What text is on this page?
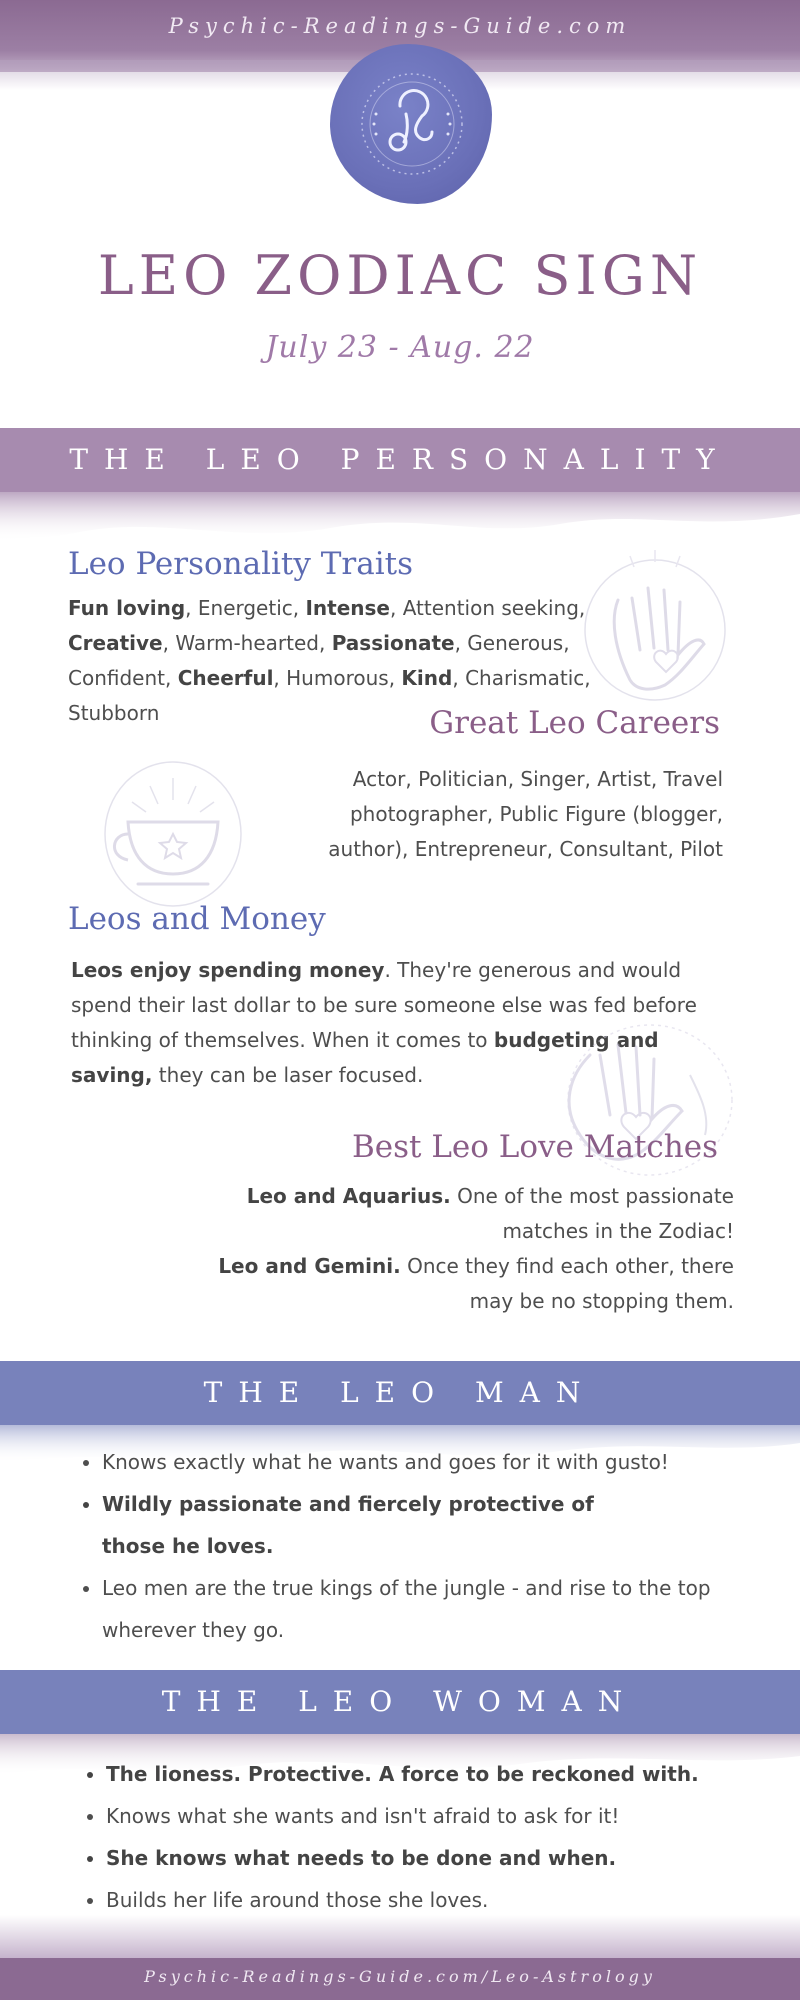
Psychic-Readings-Guide.com
LEO ZODIAC SIGN
July 23 - Aug. 22
THE LEO PERSONALITY
Leo Personality Traits
Fun loving, Energetic, Intense, Attention seeking, Creative, Warm-hearted, Passionate, Generous, Confident, Cheerful, Humorous, Kind, Charismatic, Stubborn	Great Leo Careers
Actor, Politician, Singer, Artist, Travel photographer, Public Figure (blogger, author), Entrepreneur, Consultant, Pilot
Leos and Money
Leos enjoy spending money. They're generous and would spend their last dollar to be sure someone else was fed before thinking of themselves. When it comes to budgeting and saving, they can be laser focused.
Best Leo Love Matches
Leo and Aquarius. One of the most passionate matches in the Zodiac!
Leo and Gemini. Once they find each other, there may be no stopping them.
THE LEO MAN
• Knows exactly what he wants and goes for it with gusto!
• Wildly passionate and fiercely protective of those he loves.
• Leo men are the true kings of the jungle - and rise to the top wherever they go.
THE LEO WOMAN
• The lioness. Protective. A force to be reckoned with.
• Knows what she wants and isn't afraid to ask for it!
• She knows what needs to be done and when.
• Builds her life around those she loves.
Psychic-Readings-Guide.com/Leo-Astrology
